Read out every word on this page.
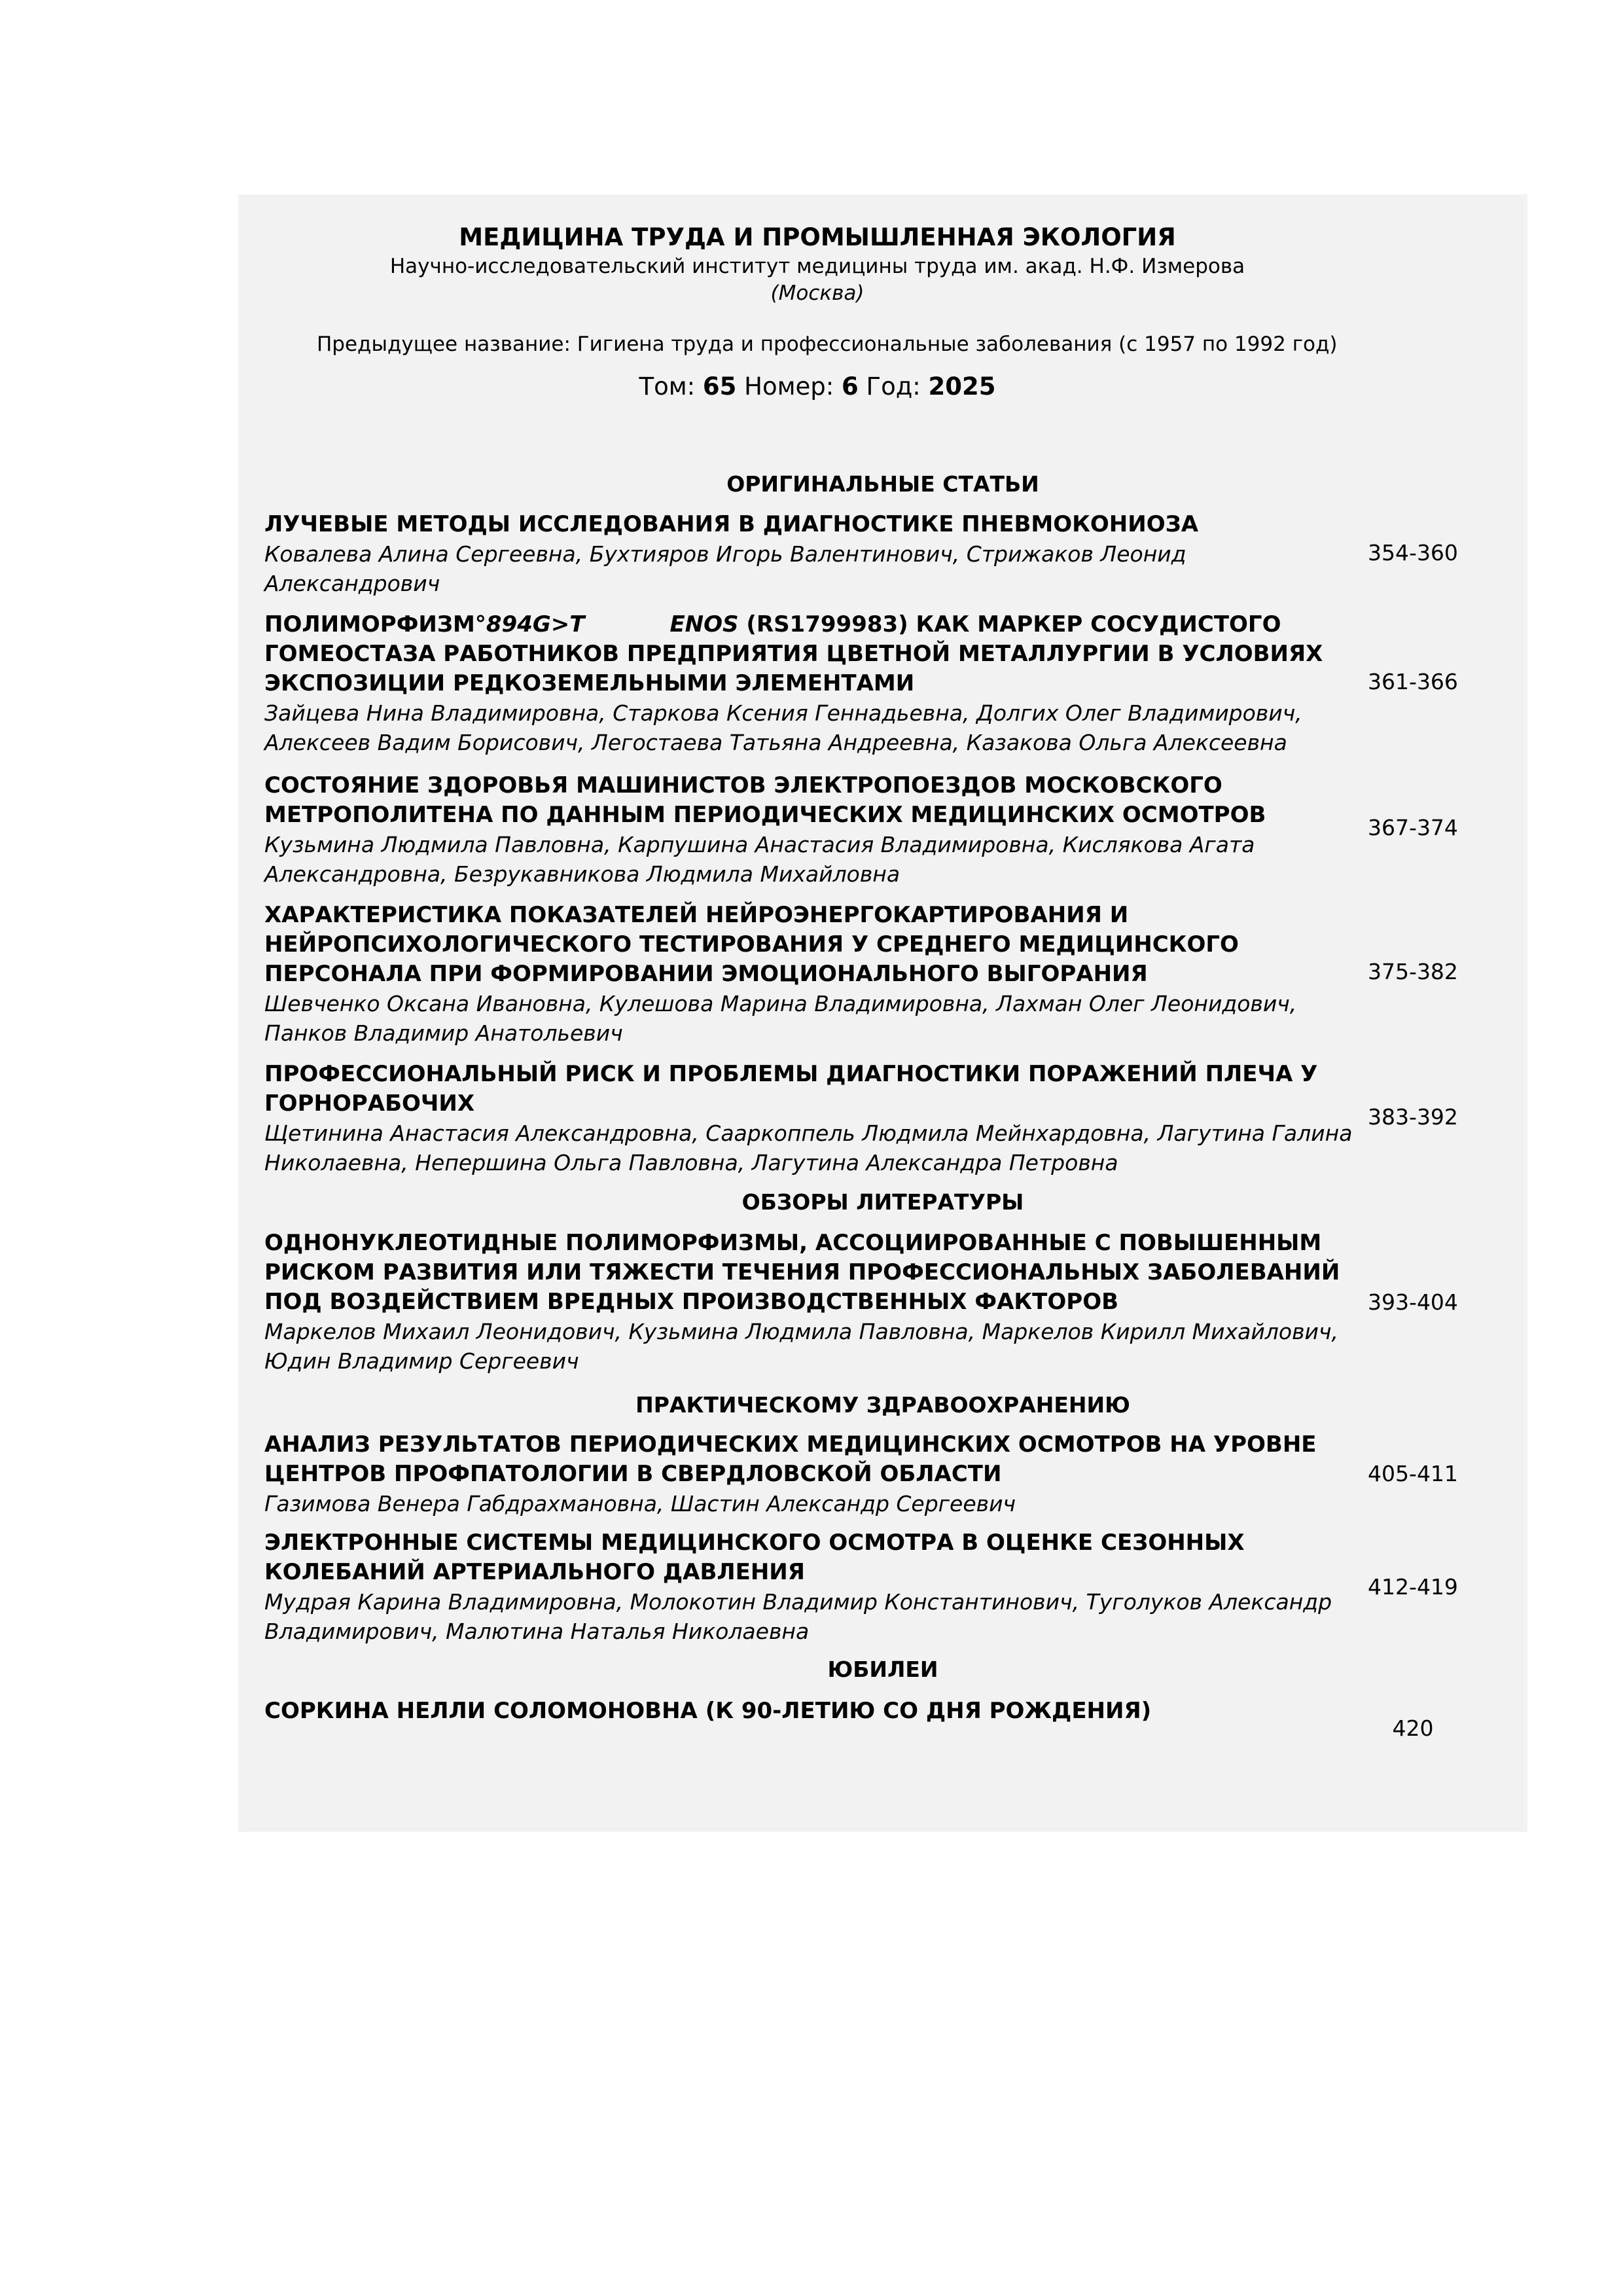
МЕДИЦИНА ТРУДА И ПРОМЫШЛЕННАЯ ЭКОЛОГИЯ
Научно-исследовательский институт медицины труда им. акад. Н.Ф. Измерова
(Москва)
Предыдущее название: Гигиена труда и профессиональные заболевания (с 1957 по 1992 год)
Том: 65 Номер: 6 Год: 2025
ОРИГИНАЛЬНЫЕ СТАТЬИ
ЛУЧЕВЫЕ МЕТОДЫ ИССЛЕДОВАНИЯ В ДИАГНОСТИКЕ ПНЕВМОКОНИОЗА
Ковалева Алина Сергеевна, Бухтияров Игорь Валентинович, Стрижаков Леонид Александрович
354-360
ПОЛИМОРФИЗМ°894G>T	ENOS (RS1799983) КАК МАРКЕР СОСУДИСТОГО ГОМЕОСТАЗА РАБОТНИКОВ ПРЕДПРИЯТИЯ ЦВЕТНОЙ МЕТАЛЛУРГИИ В УСЛОВИЯХ ЭКСПОЗИЦИИ РЕДКОЗЕМЕЛЬНЫМИ ЭЛЕМЕНТАМИ
Зайцева Нина Владимировна, Старкова Ксения Геннадьевна, Долгих Олег Владимирович, Алексеев Вадим Борисович, Легостаева Татьяна Андреевна, Казакова Ольга Алексеевна
361-366
СОСТОЯНИЕ ЗДОРОВЬЯ МАШИНИСТОВ ЭЛЕКТРОПОЕЗДОВ МОСКОВСКОГО МЕТРОПОЛИТЕНА ПО ДАННЫМ ПЕРИОДИЧЕСКИХ МЕДИЦИНСКИХ ОСМОТРОВ
Кузьмина Людмила Павловна, Карпушина Анастасия Владимировна, Кислякова Агата Александровна, Безрукавникова Людмила Михайловна
367-374
ХАРАКТЕРИСТИКА ПОКАЗАТЕЛЕЙ НЕЙРОЭНЕРГОКАРТИРОВАНИЯ И НЕЙРОПСИХОЛОГИЧЕСКОГО ТЕСТИРОВАНИЯ У СРЕДНЕГО МЕДИЦИНСКОГО ПЕРСОНАЛА ПРИ ФОРМИРОВАНИИ ЭМОЦИОНАЛЬНОГО ВЫГОРАНИЯ
Шевченко Оксана Ивановна, Кулешова Марина Владимировна, Лахман Олег Леонидович, Панков Владимир Анатольевич
375-382
ПРОФЕССИОНАЛЬНЫЙ РИСК И ПРОБЛЕМЫ ДИАГНОСТИКИ ПОРАЖЕНИЙ ПЛЕЧА У ГОРНОРАБОЧИХ
Щетинина Анастасия Александровна, Сааркоппель Людмила Мейнхардовна, Лагутина Галина Николаевна, Непершина Ольга Павловна, Лагутина Александра Петровна
383-392
ОБЗОРЫ ЛИТЕРАТУРЫ
ОДНОНУКЛЕОТИДНЫЕ ПОЛИМОРФИЗМЫ, АССОЦИИРОВАННЫЕ С ПОВЫШЕННЫМ РИСКОМ РАЗВИТИЯ ИЛИ ТЯЖЕСТИ ТЕЧЕНИЯ ПРОФЕССИОНАЛЬНЫХ ЗАБОЛЕВАНИЙ ПОД ВОЗДЕЙСТВИЕМ ВРЕДНЫХ ПРОИЗВОДСТВЕННЫХ ФАКТОРОВ
Маркелов Михаил Леонидович, Кузьмина Людмила Павловна, Маркелов Кирилл Михайлович, Юдин Владимир Сергеевич
393-404
ПРАКТИЧЕСКОМУ ЗДРАВООХРАНЕНИЮ
АНАЛИЗ РЕЗУЛЬТАТОВ ПЕРИОДИЧЕСКИХ МЕДИЦИНСКИХ ОСМОТРОВ НА УРОВНЕ ЦЕНТРОВ ПРОФПАТОЛОГИИ В СВЕРДЛОВСКОЙ ОБЛАСТИ
Газимова Венера Габдрахмановна, Шастин Александр Сергеевич
405-411
ЭЛЕКТРОННЫЕ СИСТЕМЫ МЕДИЦИНСКОГО ОСМОТРА В ОЦЕНКЕ СЕЗОННЫХ КОЛЕБАНИЙ АРТЕРИАЛЬНОГО ДАВЛЕНИЯ
Мудрая Карина Владимировна, Молокотин Владимир Константинович, Туголуков Александр Владимирович, Малютина Наталья Николаевна
412-419
ЮБИЛЕИ
СОРКИНА НЕЛЛИ СОЛОМОНОВНА (К 90-ЛЕТИЮ СО ДНЯ РОЖДЕНИЯ)
420
